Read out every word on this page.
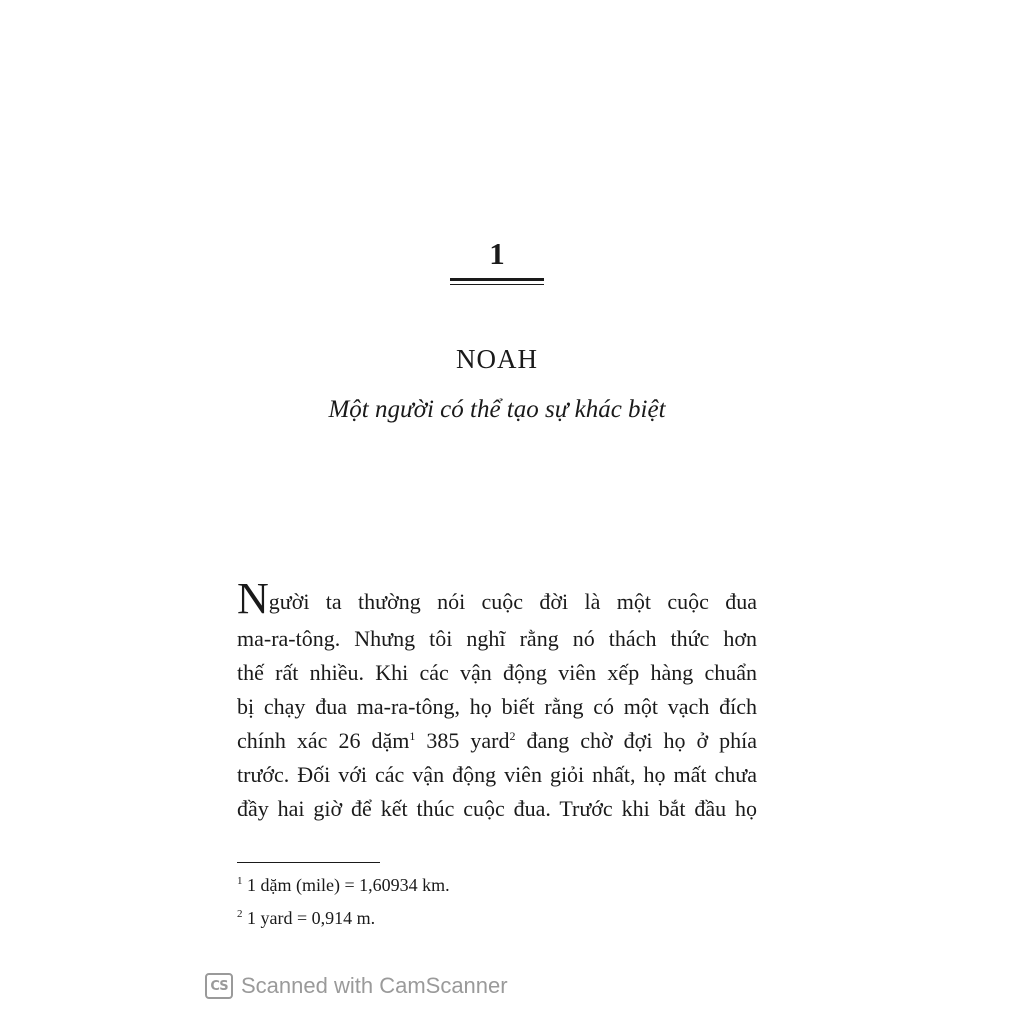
1
NOAH
Một người có thể tạo sự khác biệt
Người ta thường nói cuộc đời là một cuộc đua
ma-ra-tông. Nhưng tôi nghĩ rằng nó thách thức hơn
thế rất nhiều. Khi các vận động viên xếp hàng chuẩn
bị chạy đua ma-ra-tông, họ biết rằng có một vạch đích
chính xác 26 dặm$^1$ 385 yard$^2$ đang chờ đợi họ ở phía
trước. Đối với các vận động viên giỏi nhất, họ mất chưa
đầy hai giờ để kết thúc cuộc đua. Trước khi bắt đầu họ
$^1$ 1 dặm (mile) = 1,60934 km.
$^2$ 1 yard = 0,914 m.
CS Scanned with CamScanner
